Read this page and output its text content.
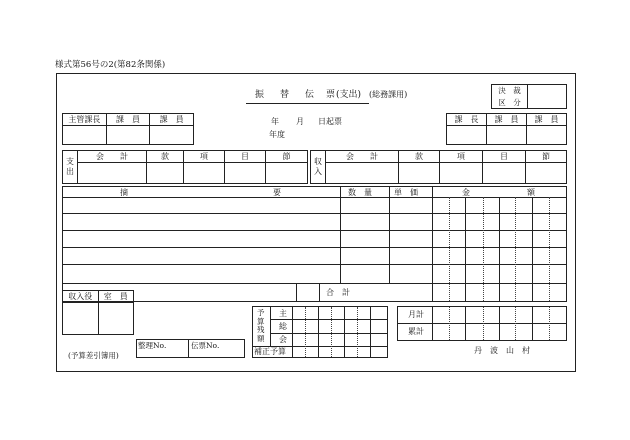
様式第56号の2(第82条関係)
振 替 伝 票 (支出) (総務課用)	決　裁	
区　分
主管課長	課　員	課　員
			年 月 日起票
年度
課　長	課　員	課　員

支出	会　　計	款	項	目	節

収入	会　　計	款	項	目	節

摘	要	数　量	単　価	金	額
合　計
収入役	室　員

予算残額
主
総
会
補正予算
月計
累計
整理No.	伝票No.
(予算差引簿用)
丹　波　山　村
